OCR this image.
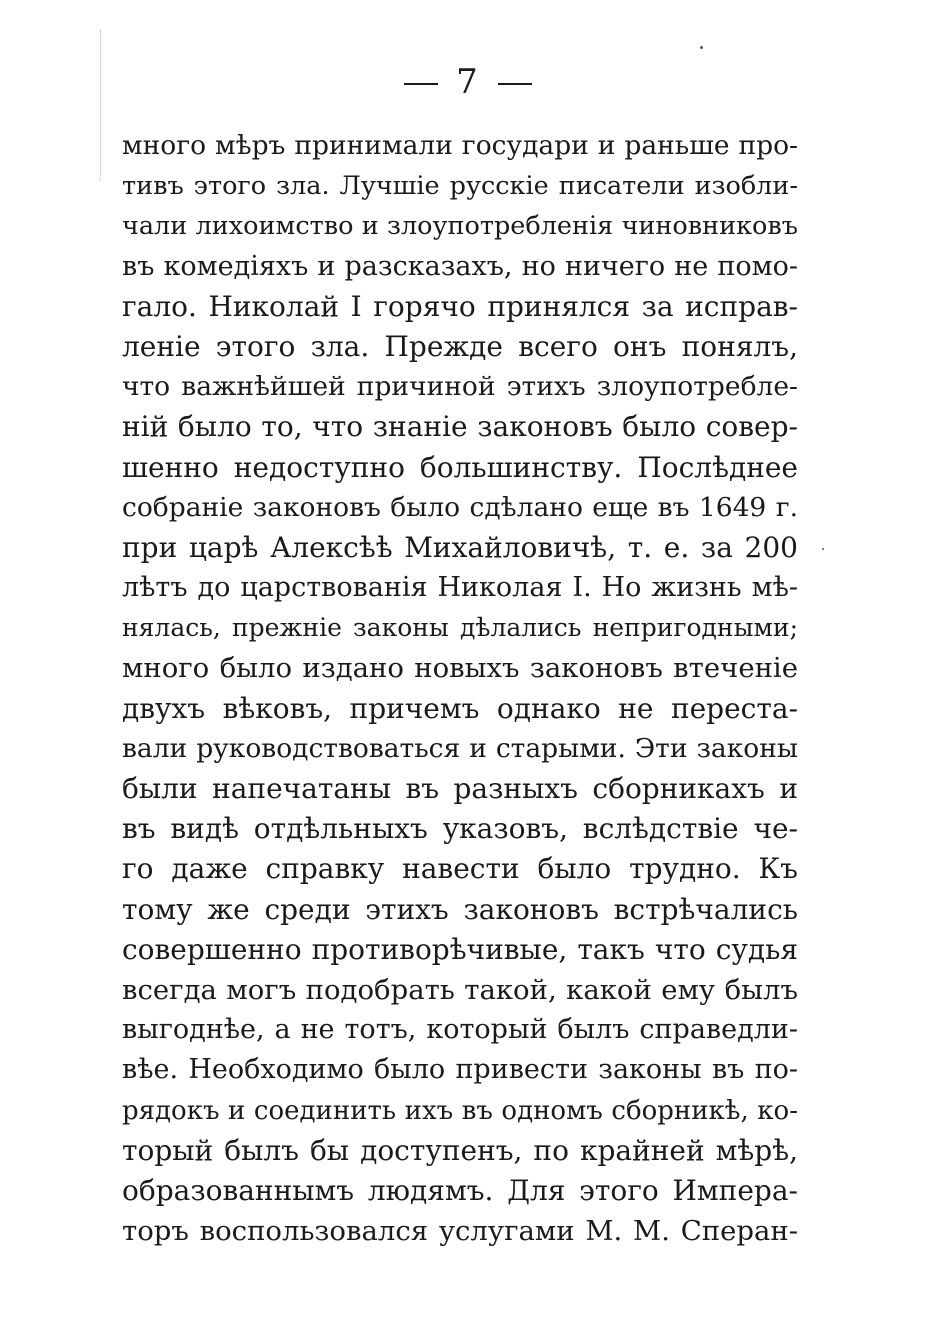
7
много мѣръ принимали государи и раньше про-
тивъ этого зла. Лучшіе русскіе писатели изобли-
чали лихоимство и злоупотребленія чиновниковъ
въ комедіяхъ и разсказахъ, но ничего не помо-
гало. Николай I горячо принялся за исправ-
леніе этого зла. Прежде всего онъ понялъ,
что важнѣйшей причиной этихъ злоупотребле-
ній было то, что знаніе законовъ было совер-
шенно недоступно большинству. Послѣднее
собраніе законовъ было сдѣлано еще въ 1649 г.
при царѣ Алексѣѣ Михайловичѣ, т. е. за 200
лѣтъ до царствованія Николая I. Но жизнь мѣ-
нялась, прежніе законы дѣлались непригодными;
много было издано новыхъ законовъ втеченіе
двухъ вѣковъ, причемъ однако не переста-
вали руководствоваться и старыми. Эти законы
были напечатаны въ разныхъ сборникахъ и
въ видѣ отдѣльныхъ указовъ, вслѣдствіе че-
го даже справку навести было трудно. Къ
тому же среди этихъ законовъ встрѣчались
совершенно противорѣчивые, такъ что судья
всегда могъ подобрать такой, какой ему былъ
выгоднѣе, а не тотъ, который былъ справедли-
вѣе. Необходимо было привести законы въ по-
рядокъ и соединить ихъ въ одномъ сборникѣ, ко-
торый былъ бы доступенъ, по крайней мѣрѣ,
образованнымъ людямъ. Для этого Импера-
торъ воспользовался услугами М. М. Сперан-
